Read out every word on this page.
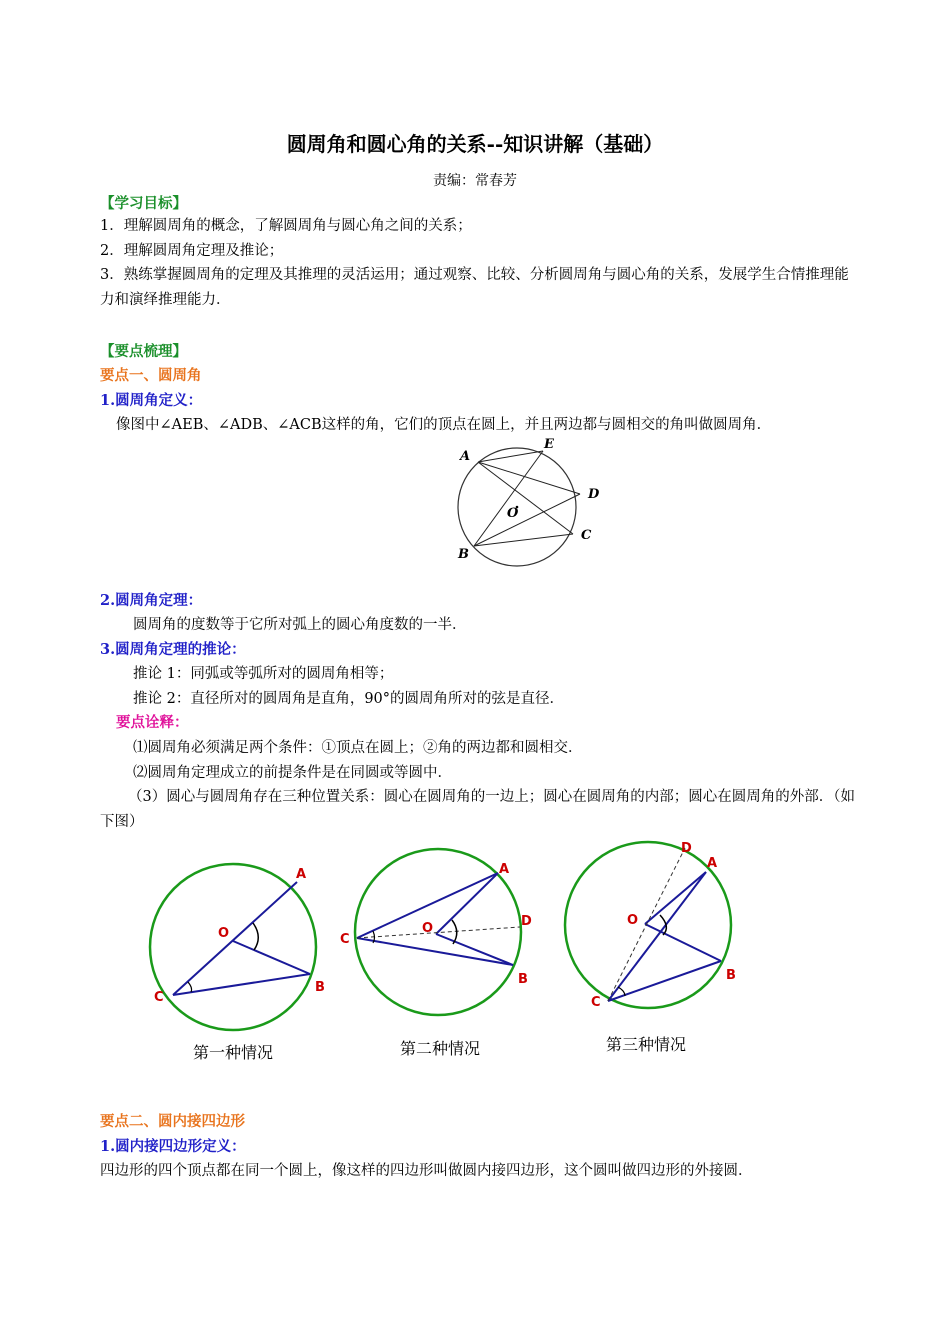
圆周角和圆心角的关系--知识讲解（基础）
责编：常春芳
【学习目标】
1．理解圆周角的概念，了解圆周角与圆心角之间的关系；
2．理解圆周角定理及推论；
3．熟练掌握圆周角的定理及其推理的灵活运用；通过观察、比较、分析圆周角与圆心角的关系，发展学生合情推理能力和演绎推理能力．
【要点梳理】
要点一、圆周角
1.圆周角定义：
像图中∠AEB、∠ADB、∠ACB这样的角，它们的顶点在圆上，并且两边都与圆相交的角叫做圆周角．
A
E
D
O
C
B
2.圆周角定理：
圆周角的度数等于它所对弧上的圆心角度数的一半．
3.圆周角定理的推论：
推论 1：同弧或等弧所对的圆周角相等；
推论 2：直径所对的圆周角是直角，90°的圆周角所对的弦是直径．
要点诠释：
⑴圆周角必须满足两个条件：①顶点在圆上；②角的两边都和圆相交．
⑵圆周角定理成立的前提条件是在同圆或等圆中．
（3）圆心与圆周角存在三种位置关系：圆心在圆周角的一边上；圆心在圆周角的内部；圆心在圆周角的外部．（如下图）
A
O
C
B
A
O
C
B
D
A
D
O
C
B
第一种情况	第二种情况	第三种情况
要点二、圆内接四边形
1.圆内接四边形定义：
四边形的四个顶点都在同一个圆上，像这样的四边形叫做圆内接四边形，这个圆叫做四边形的外接圆．
